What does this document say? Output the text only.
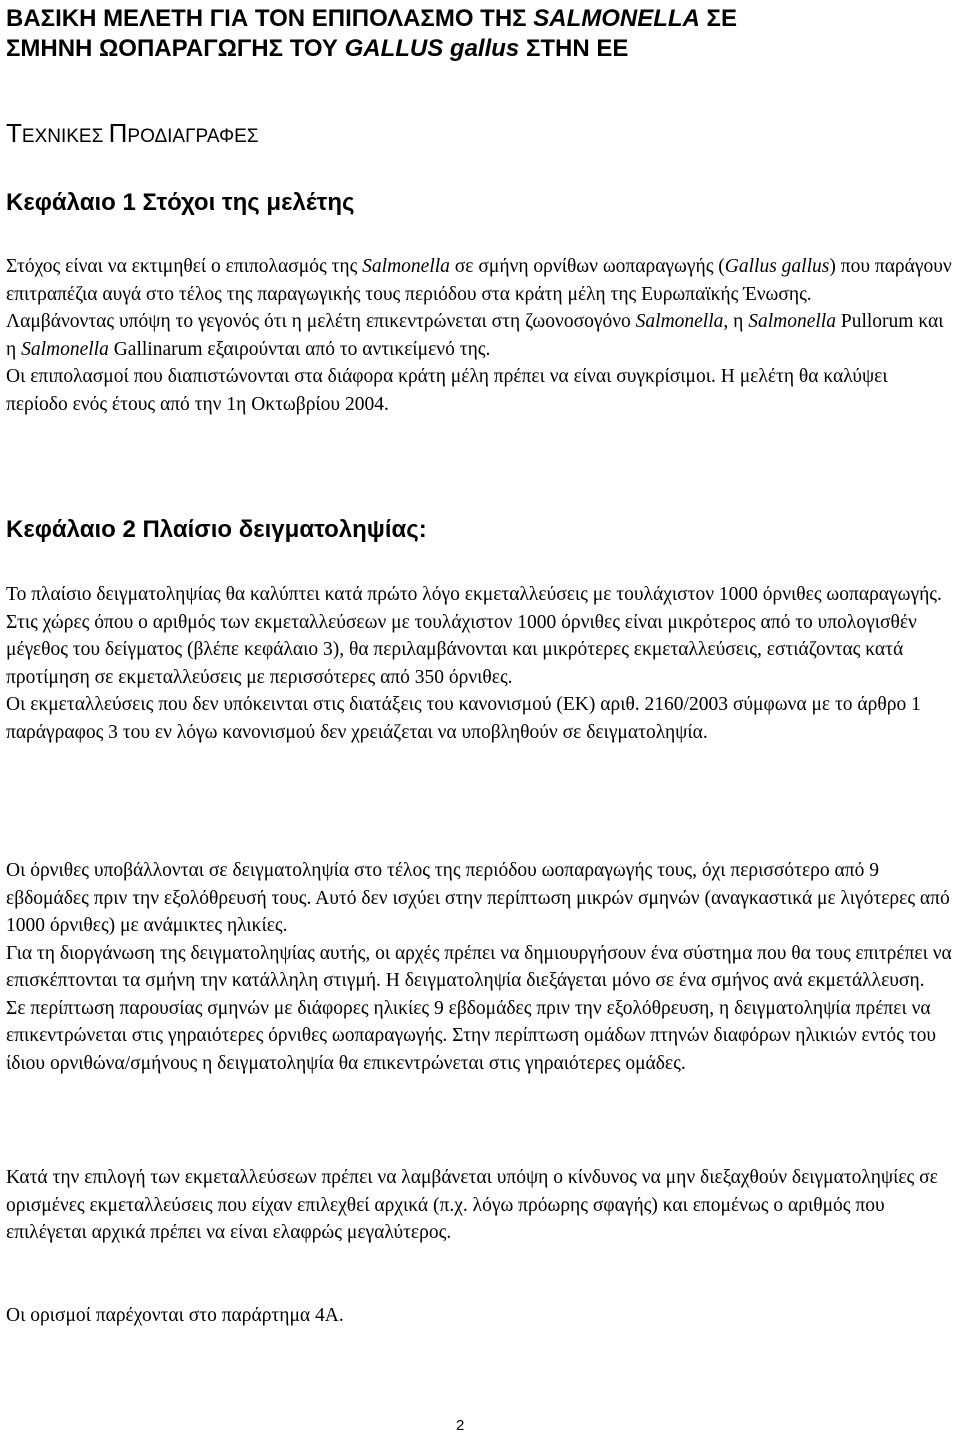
ΒΑΣΙΚΗ ΜΕΛΕΤΗ ΓΙΑ ΤΟΝ ΕΠΙΠΟΛΑΣΜΟ ΤΗΣ SALMONELLA ΣΕ
ΣΜΗΝΗ ΩΟΠΑΡΑΓΩΓΗΣ ΤΟΥ GALLUS gallus ΣΤΗΝ ΕΕ
ΤΕΧΝΙΚΕΣ ΠΡΟΔΙΑΓΡΑΦΕΣ
Κεφάλαιο 1 Στόχοι της μελέτης

Στόχος είναι να εκτιμηθεί ο επιπολασμός της Salmonella σε σμήνη ορνίθων ωοπαραγωγής (Gallus gallus) που παράγουν επιτραπέζια αυγά στο τέλος της παραγωγικής τους περιόδου στα κράτη μέλη της Ευρωπαϊκής Ένωσης.

Λαμβάνοντας υπόψη το γεγονός ότι η μελέτη επικεντρώνεται στη ζωονοσογόνο Salmonella, η Salmonella Pullorum και η Salmonella Gallinarum εξαιρούνται από το αντικείμενό της.

Οι επιπολασμοί που διαπιστώνονται στα διάφορα κράτη μέλη πρέπει να είναι συγκρίσιμοι. Η μελέτη θα καλύψει περίοδο ενός έτους από την 1η Οκτωβρίου 2004.

Κεφάλαιο 2 Πλαίσιο δειγματοληψίας:

Το πλαίσιο δειγματοληψίας θα καλύπτει κατά πρώτο λόγο εκμεταλλεύσεις με τουλάχιστον 1000 όρνιθες ωοπαραγωγής.

Στις χώρες όπου ο αριθμός των εκμεταλλεύσεων με τουλάχιστον 1000 όρνιθες είναι μικρότερος από το υπολογισθέν μέγεθος του δείγματος (βλέπε κεφάλαιο 3), θα περιλαμβάνονται και μικρότερες εκμεταλλεύσεις, εστιάζοντας κατά προτίμηση σε εκμεταλλεύσεις με περισσότερες από 350 όρνιθες.

Οι εκμεταλλεύσεις που δεν υπόκεινται στις διατάξεις του κανονισμού (ΕΚ) αριθ. 2160/2003 σύμφωνα με το άρθρο 1 παράγραφος 3 του εν λόγω κανονισμού δεν χρειάζεται να υποβληθούν σε δειγματοληψία.

Οι όρνιθες υποβάλλονται σε δειγματοληψία στο τέλος της περιόδου ωοπαραγωγής τους, όχι περισσότερο από 9 εβδομάδες πριν την εξολόθρευσή τους. Αυτό δεν ισχύει στην περίπτωση μικρών σμηνών (αναγκαστικά με λιγότερες από 1000 όρνιθες) με ανάμικτες ηλικίες.

Για τη διοργάνωση της δειγματοληψίας αυτής, οι αρχές πρέπει να δημιουργήσουν ένα σύστημα που θα τους επιτρέπει να επισκέπτονται τα σμήνη την κατάλληλη στιγμή. Η δειγματοληψία διεξάγεται μόνο σε ένα σμήνος ανά εκμετάλλευση.

Σε περίπτωση παρουσίας σμηνών με διάφορες ηλικίες 9 εβδομάδες πριν την εξολόθρευση, η δειγματοληψία πρέπει να επικεντρώνεται στις γηραιότερες όρνιθες ωοπαραγωγής. Στην περίπτωση ομάδων πτηνών διαφόρων ηλικιών εντός του ίδιου ορνιθώνα/σμήνους η δειγματοληψία θα επικεντρώνεται στις γηραιότερες ομάδες.

Κατά την επιλογή των εκμεταλλεύσεων πρέπει να λαμβάνεται υπόψη ο κίνδυνος να μην διεξαχθούν δειγματοληψίες σε ορισμένες εκμεταλλεύσεις που είχαν επιλεχθεί αρχικά (π.χ. λόγω πρόωρης σφαγής) και επομένως ο αριθμός που επιλέγεται αρχικά πρέπει να είναι ελαφρώς μεγαλύτερος.

Οι ορισμοί παρέχονται στο παράρτημα 4Α.

2
